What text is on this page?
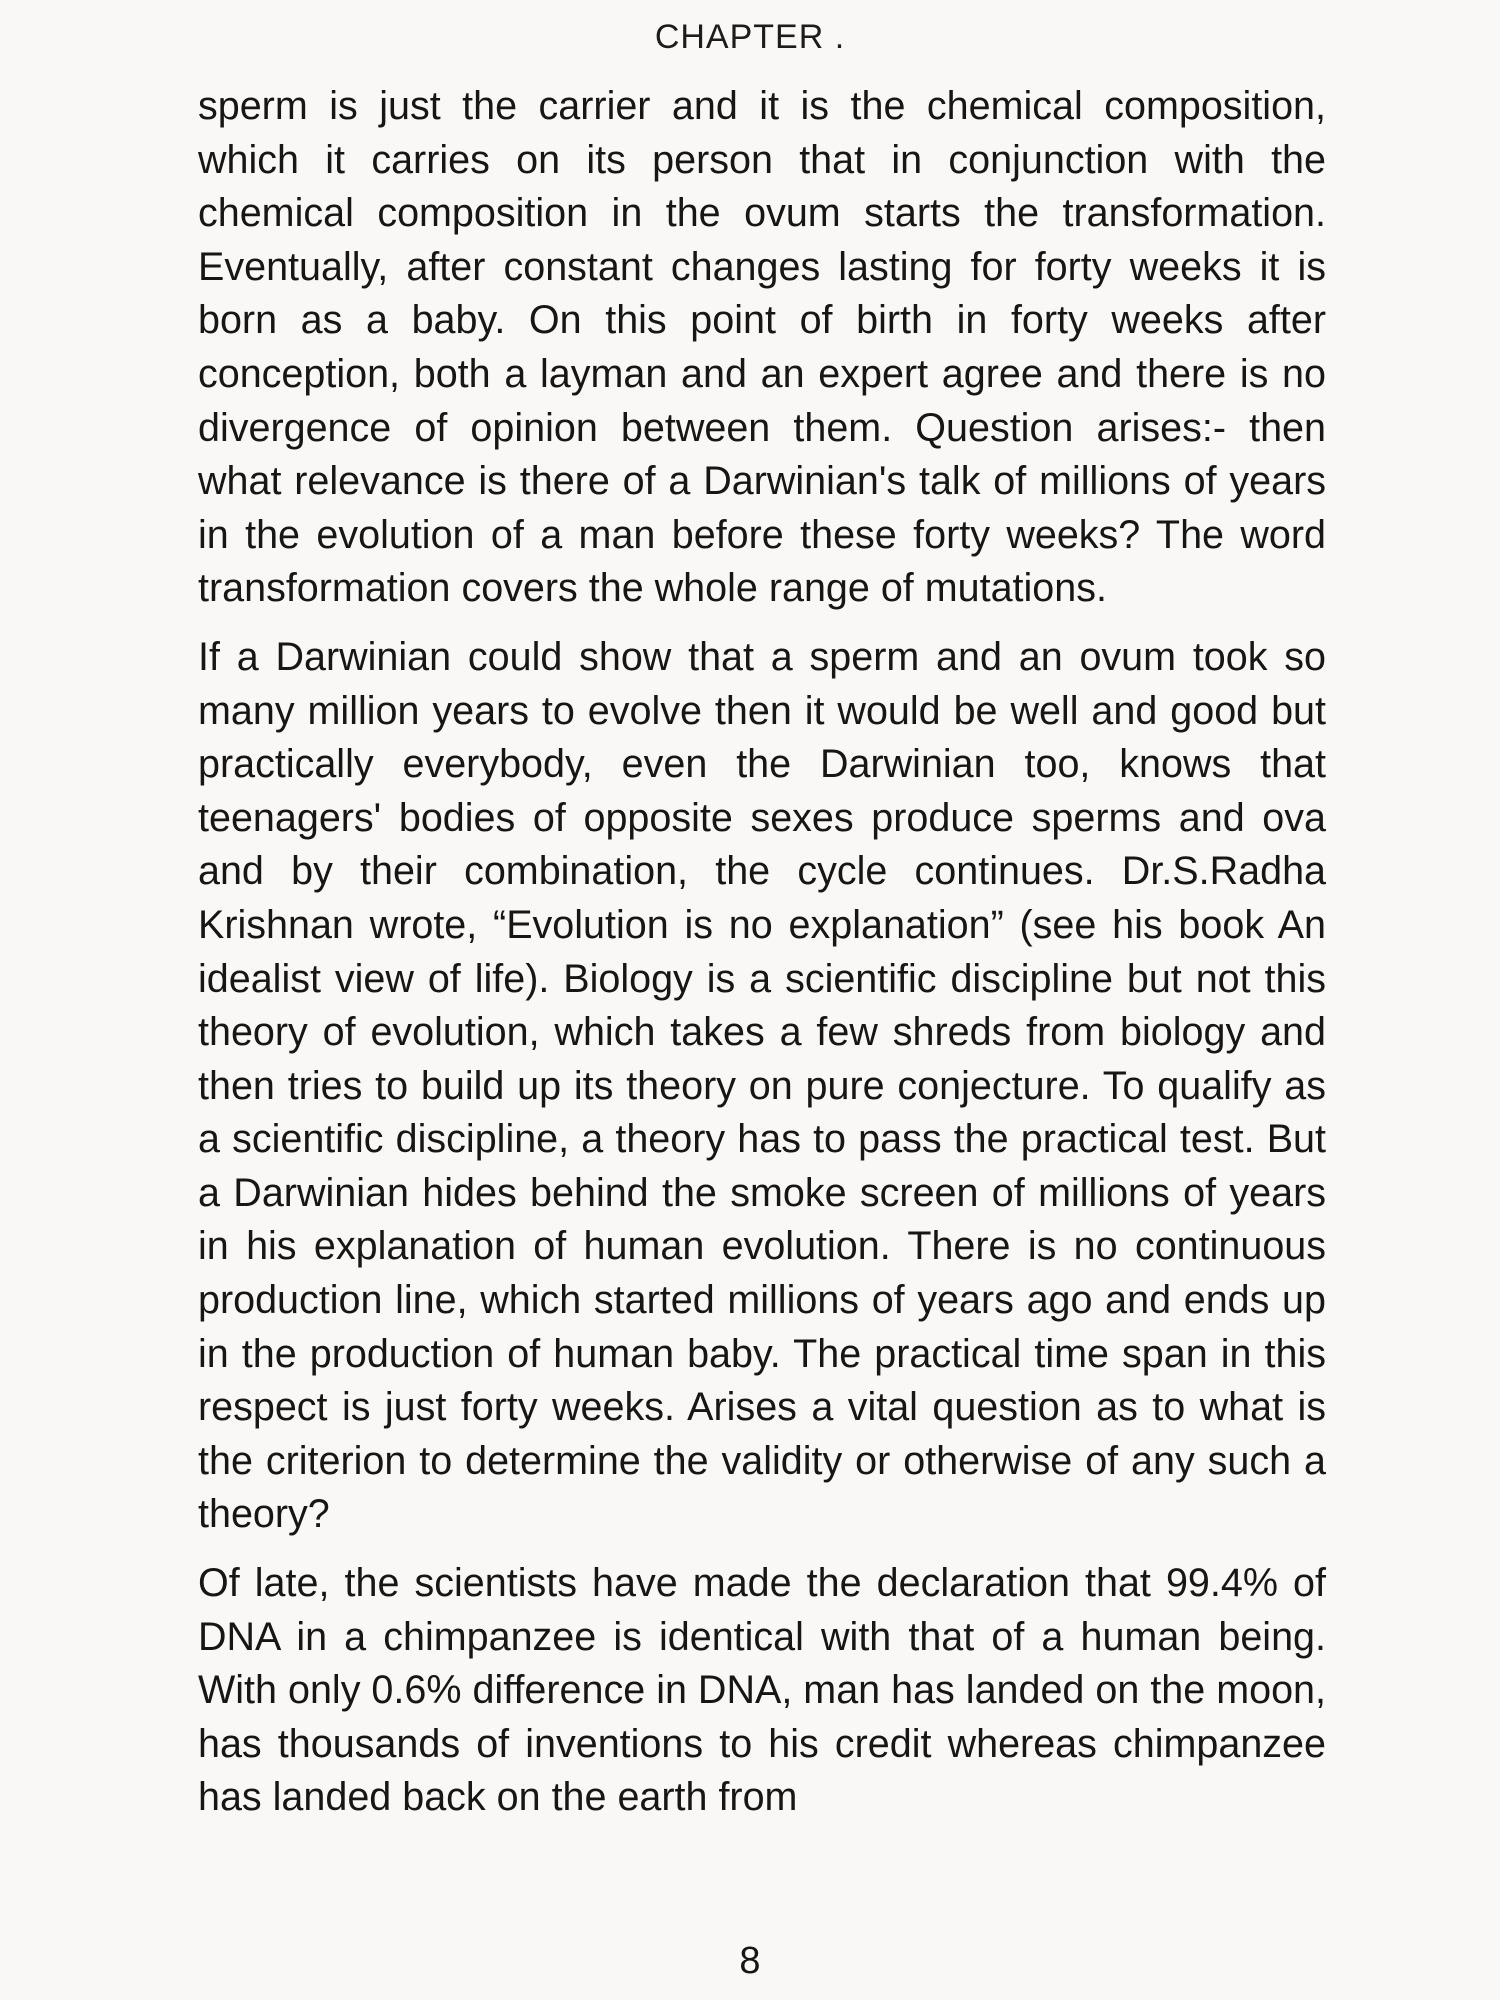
CHAPTER .

sperm is just the carrier and it is the chemical composition, which it carries on its person that in conjunction with the chemical composition in the ovum starts the transformation. Eventually, after constant changes lasting for forty weeks it is born as a baby. On this point of birth in forty weeks after conception, both a layman and an expert agree and there is no divergence of opinion between them. Question arises:- then what relevance is there of a Darwinian's talk of millions of years in the evolution of a man before these forty weeks? The word transformation covers the whole range of mutations.

If a Darwinian could show that a sperm and an ovum took so many million years to evolve then it would be well and good but practically everybody, even the Darwinian too, knows that teenagers' bodies of opposite sexes produce sperms and ova and by their combination, the cycle continues. Dr.S.Radha Krishnan wrote, “Evolution is no explanation” (see his book An idealist view of life). Biology is a scientific discipline but not this theory of evolution, which takes a few shreds from biology and then tries to build up its theory on pure conjecture. To qualify as a scientific discipline, a theory has to pass the practical test. But a Darwinian hides behind the smoke screen of millions of years in his explanation of human evolution. There is no continuous production line, which started millions of years ago and ends up in the production of human baby. The practical time span in this respect is just forty weeks. Arises a vital question as to what is the criterion to determine the validity or otherwise of any such a theory?

Of late, the scientists have made the declaration that 99.4% of DNA in a chimpanzee is identical with that of a human being. With only 0.6% difference in DNA, man has landed on the moon, has thousands of inventions to his credit whereas chimpanzee has landed back on the earth from

8
